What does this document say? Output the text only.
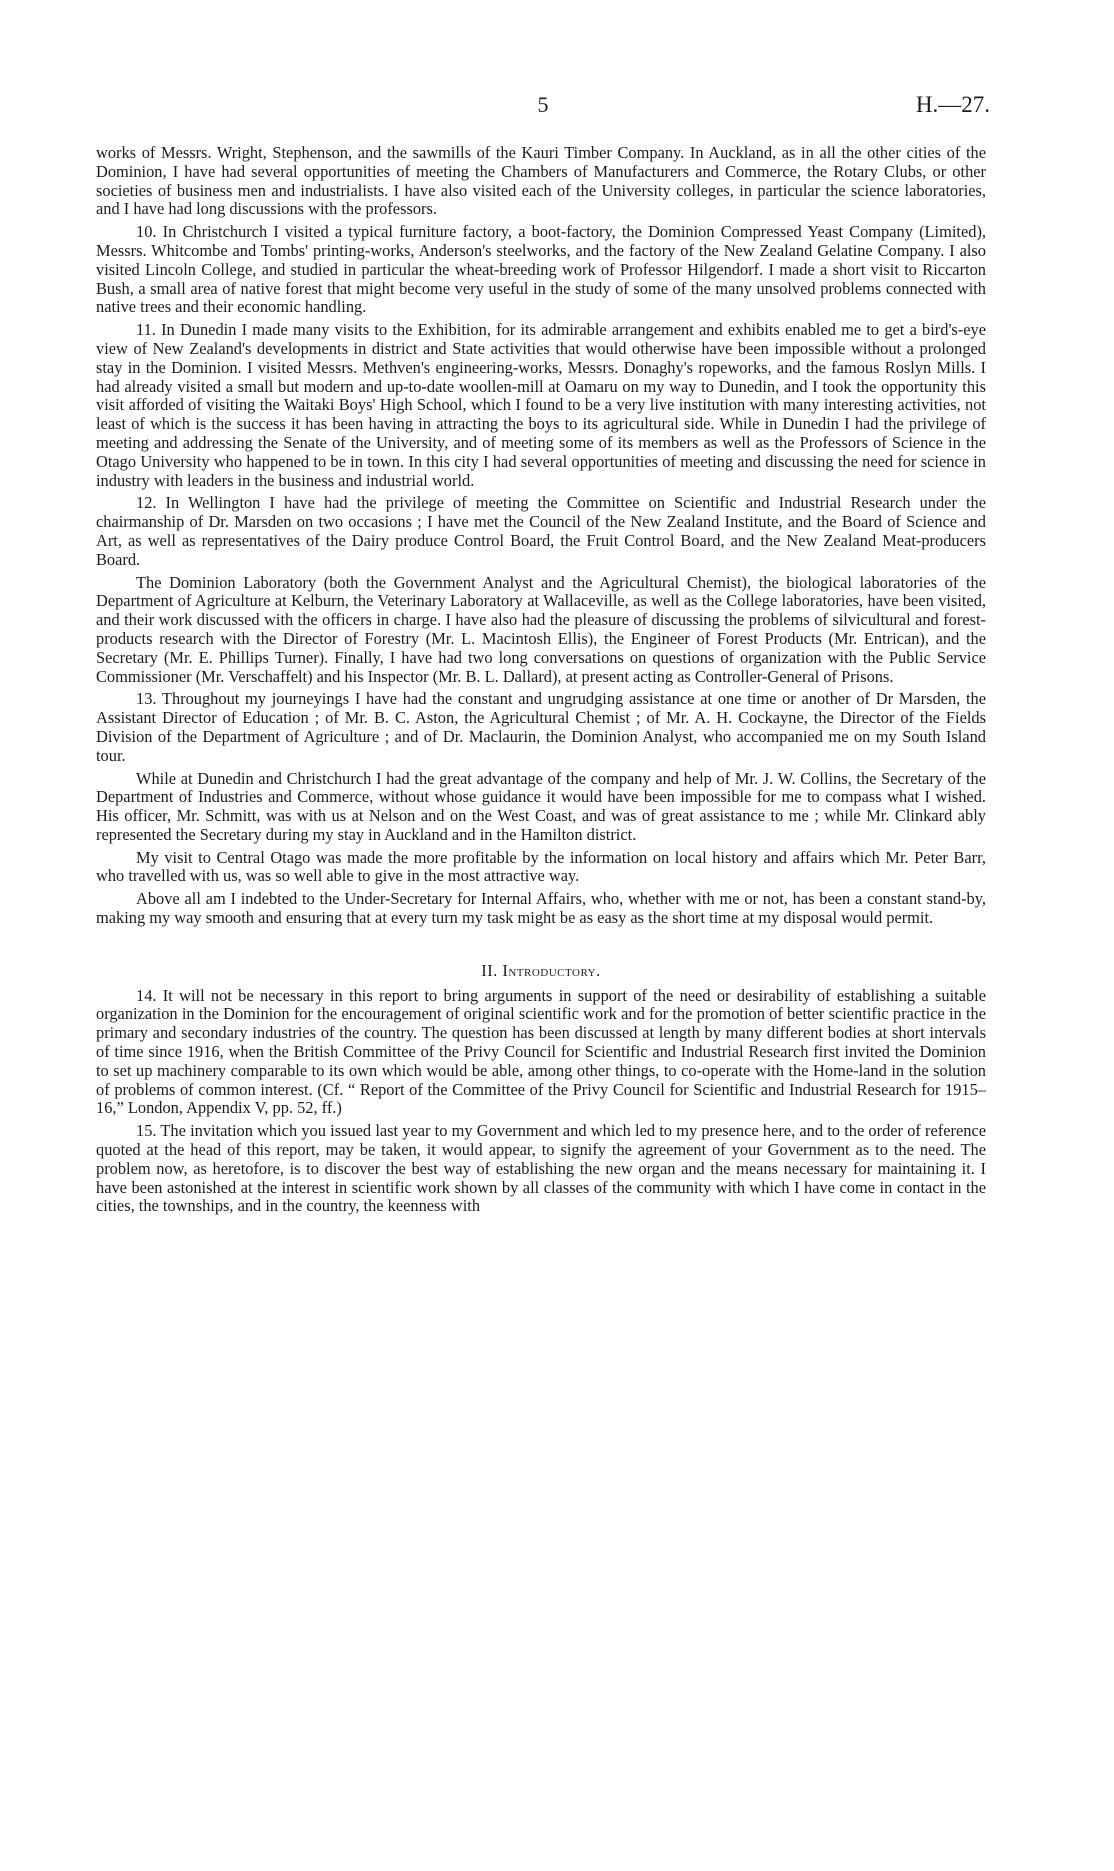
5	H.—27.

works of Messrs. Wright, Stephenson, and the sawmills of the Kauri Timber Company. In Auckland, as in all the other cities of the Dominion, I have had several opportunities of meeting the Chambers of Manufacturers and Commerce, the Rotary Clubs, or other societies of business men and industrialists. I have also visited each of the University colleges, in particular the science laboratories, and I have had long discussions with the professors.

10. In Christchurch I visited a typical furniture factory, a boot-factory, the Dominion Compressed Yeast Company (Limited), Messrs. Whitcombe and Tombs' printing-works, Anderson's steelworks, and the factory of the New Zealand Gelatine Company. I also visited Lincoln College, and studied in particular the wheat-breeding work of Professor Hilgendorf. I made a short visit to Riccarton Bush, a small area of native forest that might become very useful in the study of some of the many unsolved problems connected with native trees and their economic handling.

11. In Dunedin I made many visits to the Exhibition, for its admirable arrangement and exhibits enabled me to get a bird's-eye view of New Zealand's developments in district and State activities that would otherwise have been impossible without a prolonged stay in the Dominion. I visited Messrs. Methven's engineering-works, Messrs. Donaghy's ropeworks, and the famous Roslyn Mills. I had already visited a small but modern and up-to-date woollen-mill at Oamaru on my way to Dunedin, and I took the opportunity this visit afforded of visiting the Waitaki Boys' High School, which I found to be a very live institution with many interesting activities, not least of which is the success it has been having in attracting the boys to its agricultural side. While in Dunedin I had the privilege of meeting and addressing the Senate of the University, and of meeting some of its members as well as the Professors of Science in the Otago University who happened to be in town. In this city I had several opportunities of meeting and discussing the need for science in industry with leaders in the business and industrial world.

12. In Wellington I have had the privilege of meeting the Committee on Scientific and Industrial Research under the chairmanship of Dr. Marsden on two occasions ; I have met the Council of the New Zealand Institute, and the Board of Science and Art, as well as representatives of the Dairy produce Control Board, the Fruit Control Board, and the New Zealand Meat-producers Board.

The Dominion Laboratory (both the Government Analyst and the Agricultural Chemist), the biological laboratories of the Department of Agriculture at Kelburn, the Veterinary Laboratory at Wallaceville, as well as the College laboratories, have been visited, and their work discussed with the officers in charge. I have also had the pleasure of discussing the problems of silvicultural and forest-products research with the Director of Forestry (Mr. L. Macintosh Ellis), the Engineer of Forest Products (Mr. Entrican), and the Secretary (Mr. E. Phillips Turner). Finally, I have had two long conversations on questions of organization with the Public Service Commissioner (Mr. Verschaffelt) and his Inspector (Mr. B. L. Dallard), at present acting as Controller-General of Prisons.

13. Throughout my journeyings I have had the constant and ungrudging assistance at one time or another of Dr Marsden, the Assistant Director of Education ; of Mr. B. C. Aston, the Agricultural Chemist ; of Mr. A. H. Cockayne, the Director of the Fields Division of the Department of Agriculture ; and of Dr. Maclaurin, the Dominion Analyst, who accompanied me on my South Island tour.

While at Dunedin and Christchurch I had the great advantage of the company and help of Mr. J. W. Collins, the Secretary of the Department of Industries and Commerce, without whose guidance it would have been impossible for me to compass what I wished. His officer, Mr. Schmitt, was with us at Nelson and on the West Coast, and was of great assistance to me ; while Mr. Clinkard ably represented the Secretary during my stay in Auckland and in the Hamilton district.

My visit to Central Otago was made the more profitable by the information on local history and affairs which Mr. Peter Barr, who travelled with us, was so well able to give in the most attractive way.

Above all am I indebted to the Under-Secretary for Internal Affairs, who, whether with me or not, has been a constant stand-by, making my way smooth and ensuring that at every turn my task might be as easy as the short time at my disposal would permit.

II. Introductory.

14. It will not be necessary in this report to bring arguments in support of the need or desirability of establishing a suitable organization in the Dominion for the encouragement of original scientific work and for the promotion of better scientific practice in the primary and secondary industries of the country. The question has been discussed at length by many different bodies at short intervals of time since 1916, when the British Committee of the Privy Council for Scientific and Industrial Research first invited the Dominion to set up machinery comparable to its own which would be able, among other things, to co-operate with the Home-land in the solution of problems of common interest. (Cf. “ Report of the Committee of the Privy Council for Scientific and Industrial Research for 1915–16,” London, Appendix V, pp. 52, ff.)

15. The invitation which you issued last year to my Government and which led to my presence here, and to the order of reference quoted at the head of this report, may be taken, it would appear, to signify the agreement of your Government as to the need. The problem now, as heretofore, is to discover the best way of establishing the new organ and the means necessary for maintaining it. I have been astonished at the interest in scientific work shown by all classes of the community with which I have come in contact in the cities, the townships, and in the country, the keenness with
